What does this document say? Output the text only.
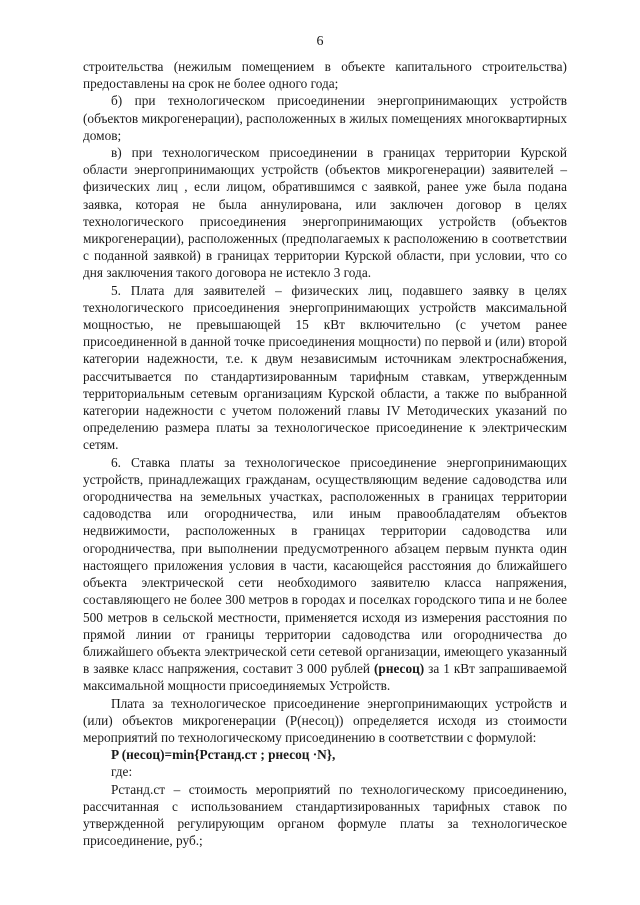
6

строительства (нежилым помещением в объекте капитального строительства) предоставлены на срок не более одного года;

б) при технологическом присоединении энергопринимающих устройств (объектов микрогенерации), расположенных в жилых помещениях многоквартирных домов;

в) при технологическом присоединении в границах территории Курской области энергопринимающих устройств (объектов микрогенерации) заявителей – физических лиц , если лицом, обратившимся с заявкой, ранее уже была подана заявка, которая не была аннулирована, или заключен договор в целях технологического присоединения энергопринимающих устройств (объектов микрогенерации), расположенных (предполагаемых к расположению в соответствии с поданной заявкой) в границах территории Курской области, при условии, что со дня заключения такого договора не истекло 3 года.

5. Плата для заявителей – физических лиц, подавшего заявку в целях технологического присоединения энергопринимающих устройств максимальной мощностью, не превышающей 15 кВт включительно (с учетом ранее присоединенной в данной точке присоединения мощности) по первой и (или) второй категории надежности, т.е. к двум независимым источникам электроснабжения, рассчитывается по стандартизированным тарифным ставкам, утвержденным территориальным сетевым организациям Курской области, а также по выбранной категории надежности с учетом положений главы IV Методических указаний по определению размера платы за технологическое присоединение к электрическим сетям.

6. Ставка платы за технологическое присоединение энергопринимающих устройств, принадлежащих гражданам, осуществляющим ведение садоводства или огородничества на земельных участках, расположенных в границах территории садоводства или огородничества, или иным правообладателям объектов недвижимости, расположенных в границах территории садоводства или огородничества, при выполнении предусмотренного абзацем первым пункта один настоящего приложения условия в части, касающейся расстояния до ближайшего объекта электрической сети необходимого заявителю класса напряжения, составляющего не более 300 метров в городах и поселках городского типа и не более 500 метров в сельской местности, применяется исходя из измерения расстояния по прямой линии от границы территории садоводства или огородничества до ближайшего объекта электрической сети сетевой организации, имеющего указанный в заявке класс напряжения, составит 3 000 рублей (pнесоц) за 1 кВт запрашиваемой максимальной мощности присоединяемых Устройств.

Плата за технологическое присоединение энергопринимающих устройств и (или) объектов микрогенерации (P(несоц)) определяется исходя из стоимости мероприятий по технологическому присоединению в соответствии с формулой:

P (несоц)=min{Рстанд.ст ; pнесоц ·N},

где:

Рстанд.ст – стоимость мероприятий по технологическому присоединению, рассчитанная с использованием стандартизированных тарифных ставок по утвержденной регулирующим органом формуле платы за технологическое присоединение, руб.;
